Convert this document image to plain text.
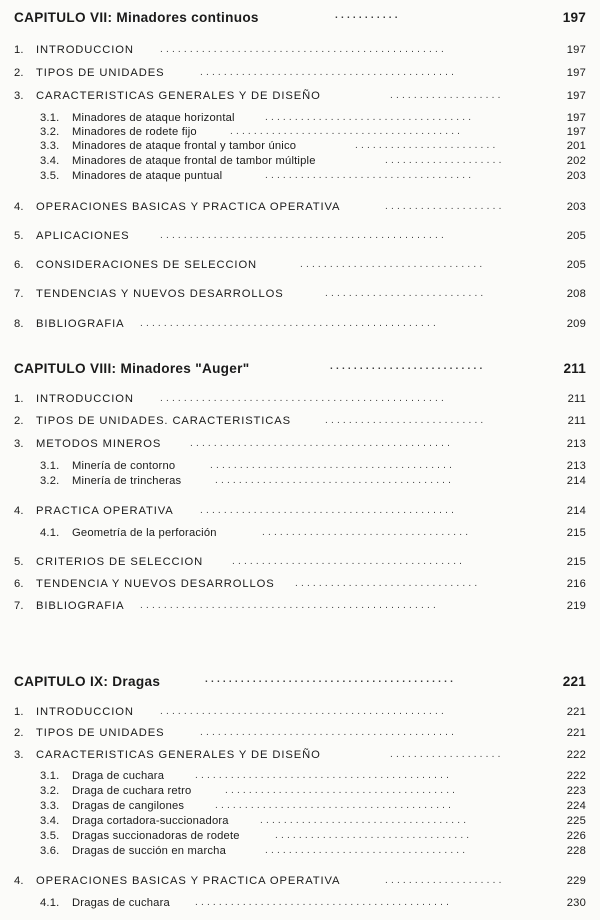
CAPITULO VII: Minadores continuos	...........	197
1. INTRODUCCION	................................................	197
2. TIPOS DE UNIDADES	...........................................	197
3. CARACTERISTICAS GENERALES Y DE DISEÑO	...................	197
3.1. Minadores de ataque horizontal	...................................	197
3.2. Minadores de rodete fijo	.......................................	197
3.3. Minadores de ataque frontal y tambor único	........................	201
3.4. Minadores de ataque frontal de tambor múltiple	....................	202
3.5. Minadores de ataque puntual	...................................	203
4. OPERACIONES BASICAS Y PRACTICA OPERATIVA	....................	203
5. APLICACIONES	................................................	205
6. CONSIDERACIONES DE SELECCION	...............................	205
7. TENDENCIAS Y NUEVOS DESARROLLOS	...........................	208
8. BIBLIOGRAFIA ..................................................	209
CAPITULO VIII: Minadores "Auger"	..........................	211
1. INTRODUCCION	................................................	211
2. TIPOS DE UNIDADES. CARACTERISTICAS	...........................	211
3. METODOS MINEROS	............................................	213
3.1. Minería de contorno	.........................................	213
3.2. Minería de trincheras	........................................	214
4. PRACTICA OPERATIVA	...........................................	214
4.1. Geometría de la perforación	...................................	215
5. CRITERIOS DE SELECCION	.......................................	215
6. TENDENCIA Y NUEVOS DESARROLLOS ...............................	216
7. BIBLIOGRAFIA ..................................................	219
CAPITULO IX: Dragas	..........................................	221
1. INTRODUCCION	................................................	221
2. TIPOS DE UNIDADES	...........................................	221
3. CARACTERISTICAS GENERALES Y DE DISEÑO	...................	222
3.1. Draga de cuchara	...........................................	222
3.2. Draga de cuchara retro	.......................................	223
3.3. Dragas de cangilones	........................................	224
3.4. Draga cortadora-succionadora	...................................	225
3.5. Dragas succionadoras de rodete	.................................	226
3.6. Dragas de succión en marcha	..................................	228
4. OPERACIONES BASICAS Y PRACTICA OPERATIVA	....................	229
4.1. Dragas de cuchara	...........................................	230
